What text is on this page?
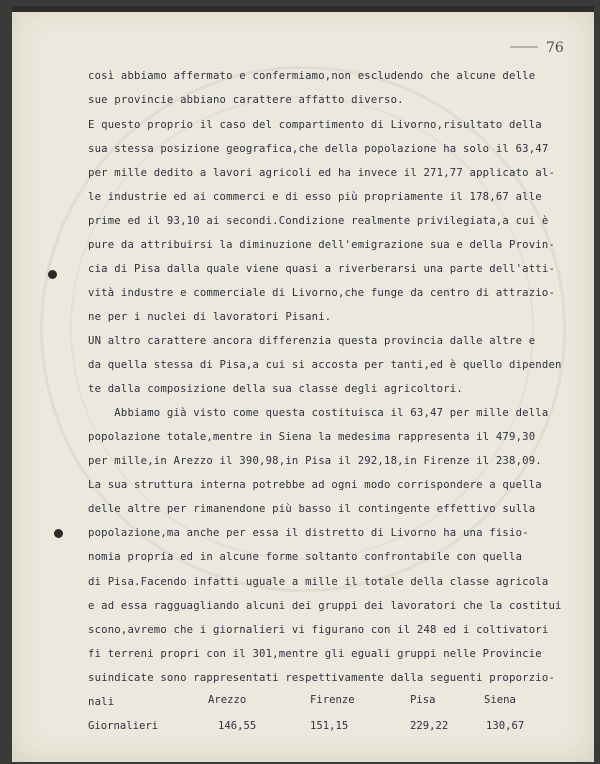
76
così abbiamo affermato e confermiamo,non escludendo che alcune delle
sue provincie abbiano carattere affatto diverso.
E questo proprio il caso del compartimento di Livorno,risultato della
sua stessa posizione geografica,che della popolazione ha solo il 63,47
per mille dedito a lavori agricoli ed ha invece il 271,77 applicato al-
le industrie ed ai commerci e di esso più propriamente il 178,67 alle
prime ed il 93,10 ai secondi.Condizione realmente privilegiata,a cui è
pure da attribuirsi la diminuzione dell'emigrazione sua e della Provin-
cia di Pisa dalla quale viene quasi a riverberarsi una parte dell'atti-
vità industre e commerciale di Livorno,che funge da centro di attrazio-
ne per i nuclei di lavoratori Pisani.
UN altro carattere ancora differenzia questa provincia dalle altre e
da quella stessa di Pisa,a cui si accosta per tanti,ed è quello dipenden
te dalla composizione della sua classe degli agricoltori.
Abbiamo già visto come questa costituisca il 63,47 per mille della
popolazione totale,mentre in Siena la medesima rappresenta il 479,30
per mille,in Arezzo il 390,98,in Pisa il 292,18,in Firenze il 238,09.
La sua struttura interna potrebbe ad ogni modo corrispondere a quella
delle altre per rimanendone più basso il contingente effettivo sulla
popolazione,ma anche per essa il distretto di Livorno ha una fisio-
nomia propria ed in alcune forme soltanto confrontabile con quella
di Pisa.Facendo infatti uguale a mille il totale della classe agricola
e ad essa ragguagliando alcuni dei gruppi dei lavoratori che la costitui
scono,avremo che i giornalieri vi figurano con il 248 ed i coltivatori
fi terreni propri con il 301,mentre gli eguali gruppi nelle Provincie
suindicate sono rappresentati respettivamente dalla seguenti proporzio-
nali	Arezzo	Firenze	Pisa	Siena
Giornalieri	146,55	151,15	229,22	130,67
